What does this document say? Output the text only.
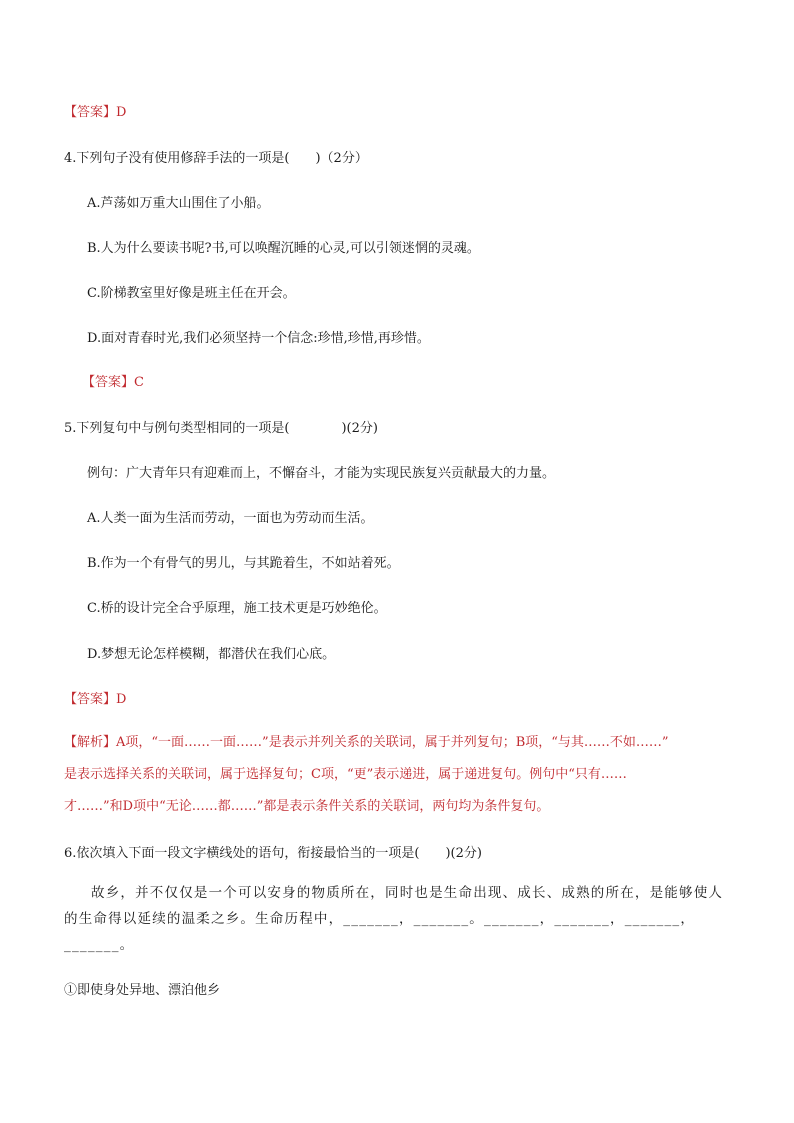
【答案】D
4.下列句子没有使用修辞手法的一项是(　　)（2分）
A.芦荡如万重大山围住了小船。
B.人为什么要读书呢?书,可以唤醒沉睡的心灵,可以引领迷惘的灵魂。
C.阶梯教室里好像是班主任在开会。
D.面对青春时光,我们必须坚持一个信念:珍惜,珍惜,再珍惜。
【答案】C
5.下列复句中与例句类型相同的一项是(　　　　)(2分)
例句：广大青年只有迎难而上，不懈奋斗，才能为实现民族复兴贡献最大的力量。
A.人类一面为生活而劳动，一面也为劳动而生活。
B.作为一个有骨气的男儿，与其跪着生，不如站着死。
C.桥的设计完全合乎原理，施工技术更是巧妙绝伦。
D.梦想无论怎样模糊，都潜伏在我们心底。
【答案】D
【解析】A项，“一面……一面……”是表示并列关系的关联词，属于并列复句；B项，“与其……不如……”
是表示选择关系的关联词，属于选择复句；C项，“更”表示递进，属于递进复句。例句中“只有……
才……”和D项中“无论……都……”都是表示条件关系的关联词，两句均为条件复句。
6.依次填入下面一段文字横线处的语句，衔接最恰当的一项是(　　)(2分)
故乡，并不仅仅是一个可以安身的物质所在，同时也是生命出现、成长、成熟的所在，是能够使人的生命得以延续的温柔之乡。生命历程中，_______，_______。_______，_______，_______，_______。
①即使身处异地、漂泊他乡
